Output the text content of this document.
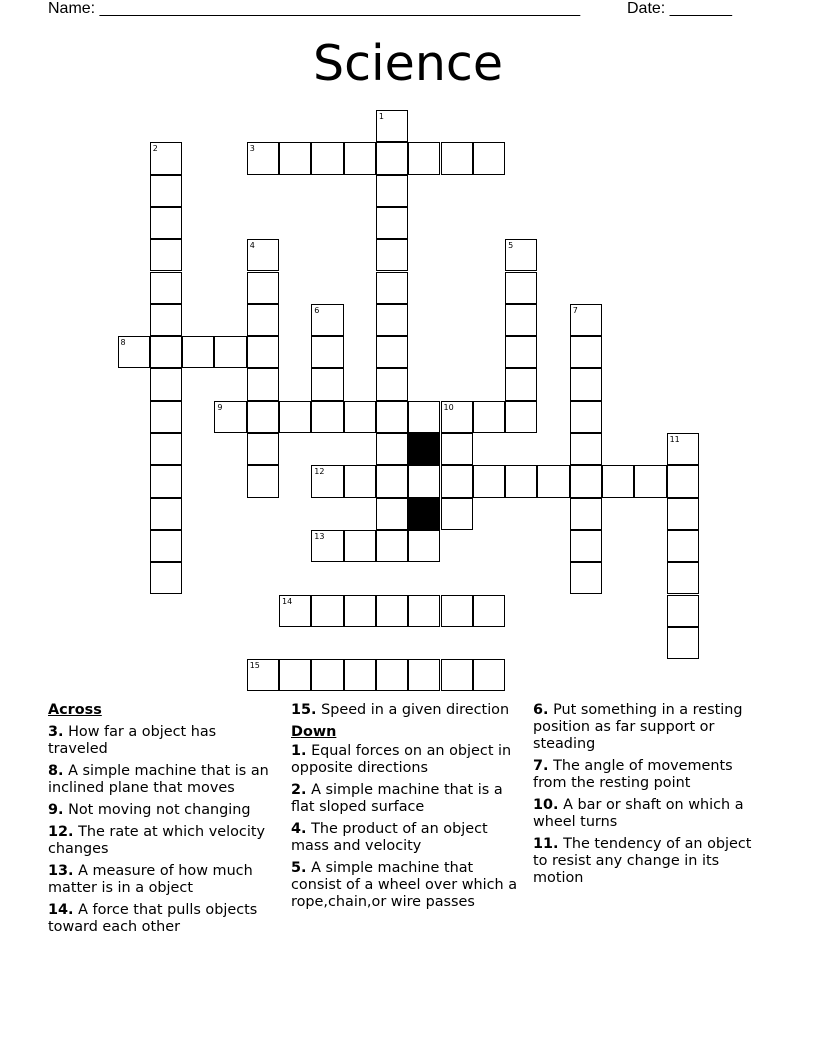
Name: ______________________________________________________	Date: _______
Science
3
8
9	10
12
13
14
15
1
2
4	5
6	7
11
Across
3. How far a object has traveled
8. A simple machine that is an inclined plane that moves
9. Not moving not changing
12. The rate at which velocity changes
13. A measure of how much matter is in a object
14. A force that pulls objects toward each other
15. Speed in a given direction
Down
1. Equal forces on an object in opposite directions
2. A simple machine that is a flat sloped surface
4. The product of an object mass and velocity
5. A simple machine that consist of a wheel over which a rope,chain,or wire passes
6. Put something in a resting position as far support or steading
7. The angle of movements from the resting point
10. A bar or shaft on which a wheel turns
11. The tendency of an object to resist any change in its motion
